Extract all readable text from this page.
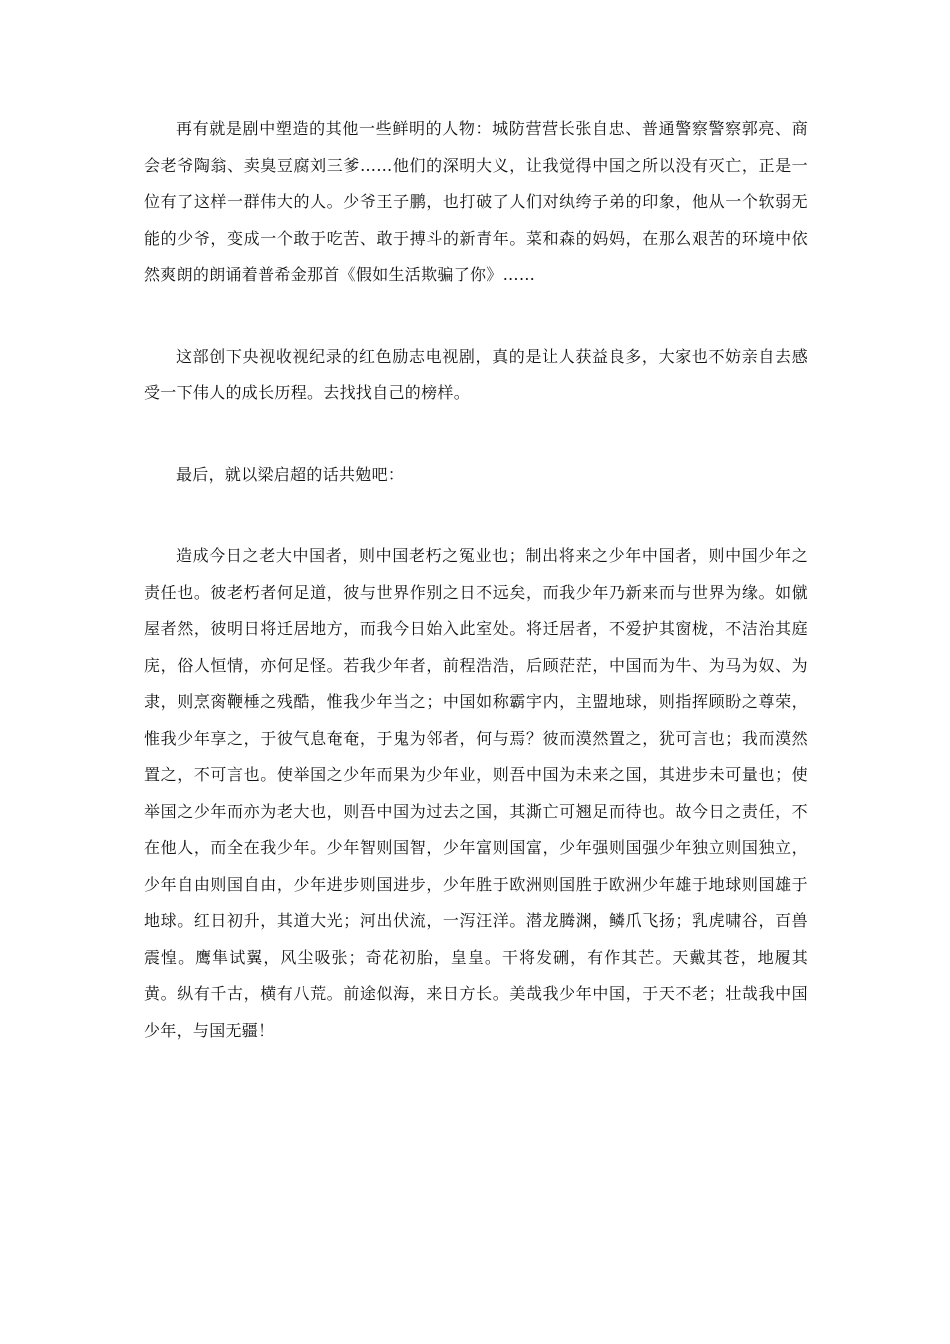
再有就是剧中塑造的其他一些鲜明的人物：城防营营长张自忠、普通警察警察郭亮、商会老爷陶翁、卖臭豆腐刘三爹……他们的深明大义，让我觉得中国之所以没有灭亡，正是一位有了这样一群伟大的人。少爷王子鹏，也打破了人们对纨绔子弟的印象，他从一个软弱无能的少爷，变成一个敢于吃苦、敢于搏斗的新青年。菜和森的妈妈，在那么艰苦的环境中依然爽朗的朗诵着普希金那首《假如生活欺骗了你》……

这部创下央视收视纪录的红色励志电视剧，真的是让人获益良多，大家也不妨亲自去感受一下伟人的成长历程。去找找自己的榜样。

最后，就以梁启超的话共勉吧：

造成今日之老大中国者，则中国老朽之冤业也；制出将来之少年中国者，则中国少年之责任也。彼老朽者何足道，彼与世界作别之日不远矣，而我少年乃新来而与世界为缘。如僦屋者然，彼明日将迁居地方，而我今日始入此室处。将迁居者，不爱护其窗栊，不洁治其庭庑，俗人恒情，亦何足怪。若我少年者，前程浩浩，后顾茫茫，中国而为牛、为马为奴、为隶，则烹脔鞭棰之残酷，惟我少年当之；中国如称霸宇内，主盟地球，则指挥顾盼之尊荣，惟我少年享之，于彼气息奄奄，于鬼为邻者，何与焉？彼而漠然置之，犹可言也；我而漠然置之，不可言也。使举国之少年而果为少年业，则吾中国为未来之国，其进步未可量也；使举国之少年而亦为老大也，则吾中国为过去之国，其澌亡可翘足而待也。故今日之责任，不在他人，而全在我少年。少年智则国智，少年富则国富，少年强则国强少年独立则国独立，少年自由则国自由，少年进步则国进步，少年胜于欧洲则国胜于欧洲少年雄于地球则国雄于地球。红日初升，其道大光；河出伏流，一泻汪洋。潜龙腾渊，鳞爪飞扬；乳虎啸谷，百兽震惶。鹰隼试翼，风尘吸张；奇花初胎，皇皇。干将发硎，有作其芒。天戴其苍，地履其黄。纵有千古，横有八荒。前途似海，来日方长。美哉我少年中国，于天不老；壮哉我中国少年，与国无疆！
